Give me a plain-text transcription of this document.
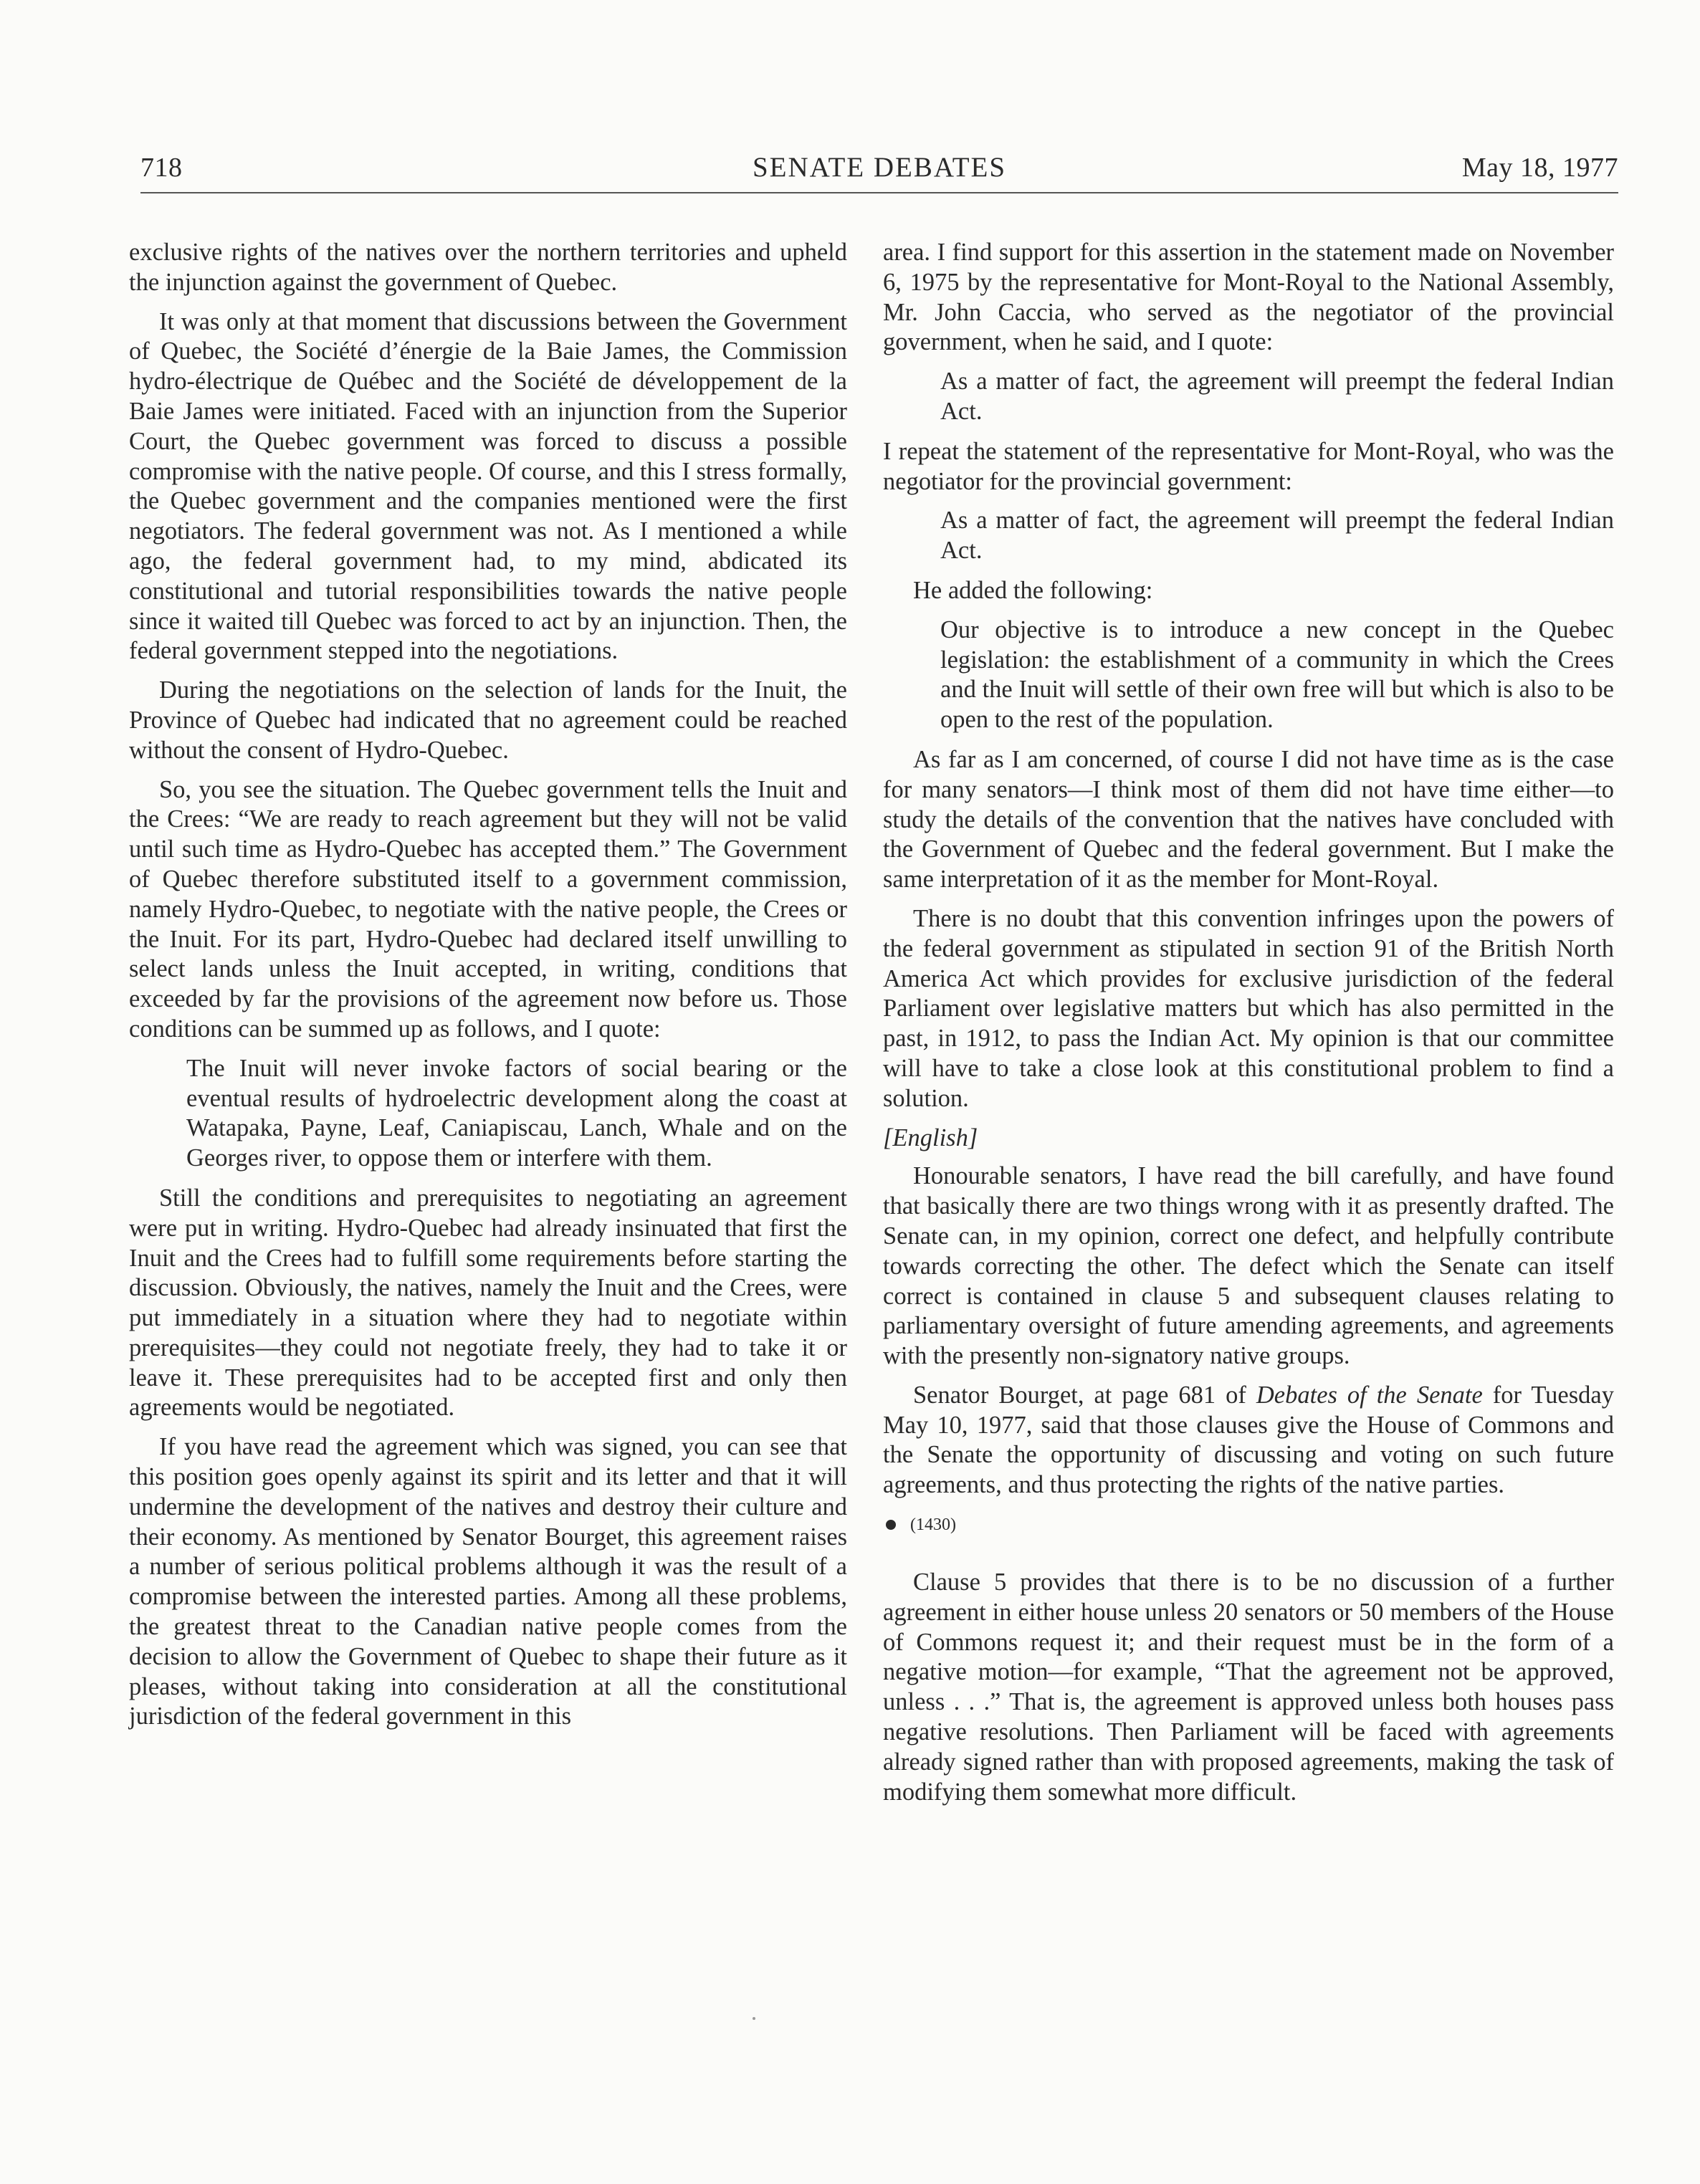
718	SENATE DEBATES	May 18, 1977

exclusive rights of the natives over the northern territories and upheld the injunction against the government of Quebec.

It was only at that moment that discussions between the Government of Quebec, the Société d’énergie de la Baie James, the Commission hydro-électrique de Québec and the Société de développement de la Baie James were initiated. Faced with an injunction from the Superior Court, the Quebec government was forced to discuss a possible compromise with the native people. Of course, and this I stress formally, the Quebec government and the companies mentioned were the first negotiators. The federal government was not. As I mentioned a while ago, the federal government had, to my mind, abdicated its constitutional and tutorial responsibilities towards the native people since it waited till Quebec was forced to act by an injunction. Then, the federal government stepped into the negotiations.

During the negotiations on the selection of lands for the Inuit, the Province of Quebec had indicated that no agreement could be reached without the consent of Hydro-Quebec.

So, you see the situation. The Quebec government tells the Inuit and the Crees: “We are ready to reach agreement but they will not be valid until such time as Hydro-Quebec has accepted them.” The Government of Quebec therefore substituted itself to a government commission, namely Hydro-Quebec, to negotiate with the native people, the Crees or the Inuit. For its part, Hydro-Quebec had declared itself unwilling to select lands unless the Inuit accepted, in writing, conditions that exceeded by far the provisions of the agreement now before us. Those conditions can be summed up as follows, and I quote:

The Inuit will never invoke factors of social bearing or the eventual results of hydroelectric development along the coast at Watapaka, Payne, Leaf, Caniapiscau, Lanch, Whale and on the Georges river, to oppose them or interfere with them.

Still the conditions and prerequisites to negotiating an agreement were put in writing. Hydro-Quebec had already insinuated that first the Inuit and the Crees had to fulfill some requirements before starting the discussion. Obviously, the natives, namely the Inuit and the Crees, were put immediately in a situation where they had to negotiate within prerequisites—they could not negotiate freely, they had to take it or leave it. These prerequisites had to be accepted first and only then agreements would be negotiated.

If you have read the agreement which was signed, you can see that this position goes openly against its spirit and its letter and that it will undermine the development of the natives and destroy their culture and their economy. As mentioned by Senator Bourget, this agreement raises a number of serious political problems although it was the result of a compromise between the interested parties. Among all these problems, the greatest threat to the Canadian native people comes from the decision to allow the Government of Quebec to shape their future as it pleases, without taking into consideration at all the constitutional jurisdiction of the federal government in this

area. I find support for this assertion in the statement made on November 6, 1975 by the representative for Mont-Royal to the National Assembly, Mr. John Caccia, who served as the negotiator of the provincial government, when he said, and I quote:

As a matter of fact, the agreement will preempt the federal Indian Act.

I repeat the statement of the representative for Mont-Royal, who was the negotiator for the provincial government:

As a matter of fact, the agreement will preempt the federal Indian Act.

He added the following:

Our objective is to introduce a new concept in the Quebec legislation: the establishment of a community in which the Crees and the Inuit will settle of their own free will but which is also to be open to the rest of the population.

As far as I am concerned, of course I did not have time as is the case for many senators—I think most of them did not have time either—to study the details of the convention that the natives have concluded with the Government of Quebec and the federal government. But I make the same interpretation of it as the member for Mont-Royal.

There is no doubt that this convention infringes upon the powers of the federal government as stipulated in section 91 of the British North America Act which provides for exclusive jurisdiction of the federal Parliament over legislative matters but which has also permitted in the past, in 1912, to pass the Indian Act. My opinion is that our committee will have to take a close look at this constitutional problem to find a solution.

[English]

Honourable senators, I have read the bill carefully, and have found that basically there are two things wrong with it as presently drafted. The Senate can, in my opinion, correct one defect, and helpfully contribute towards correcting the other. The defect which the Senate can itself correct is contained in clause 5 and subsequent clauses relating to parliamentary oversight of future amending agreements, and agreements with the presently non-signatory native groups.

Senator Bourget, at page 681 of Debates of the Senate for Tuesday May 10, 1977, said that those clauses give the House of Commons and the Senate the opportunity of discussing and voting on such future agreements, and thus protecting the rights of the native parties.

(1430)

Clause 5 provides that there is to be no discussion of a further agreement in either house unless 20 senators or 50 members of the House of Commons request it; and their request must be in the form of a negative motion—for example, “That the agreement not be approved, unless . . .” That is, the agreement is approved unless both houses pass negative resolutions. Then Parliament will be faced with agreements already signed rather than with proposed agreements, making the task of modifying them somewhat more difficult.
